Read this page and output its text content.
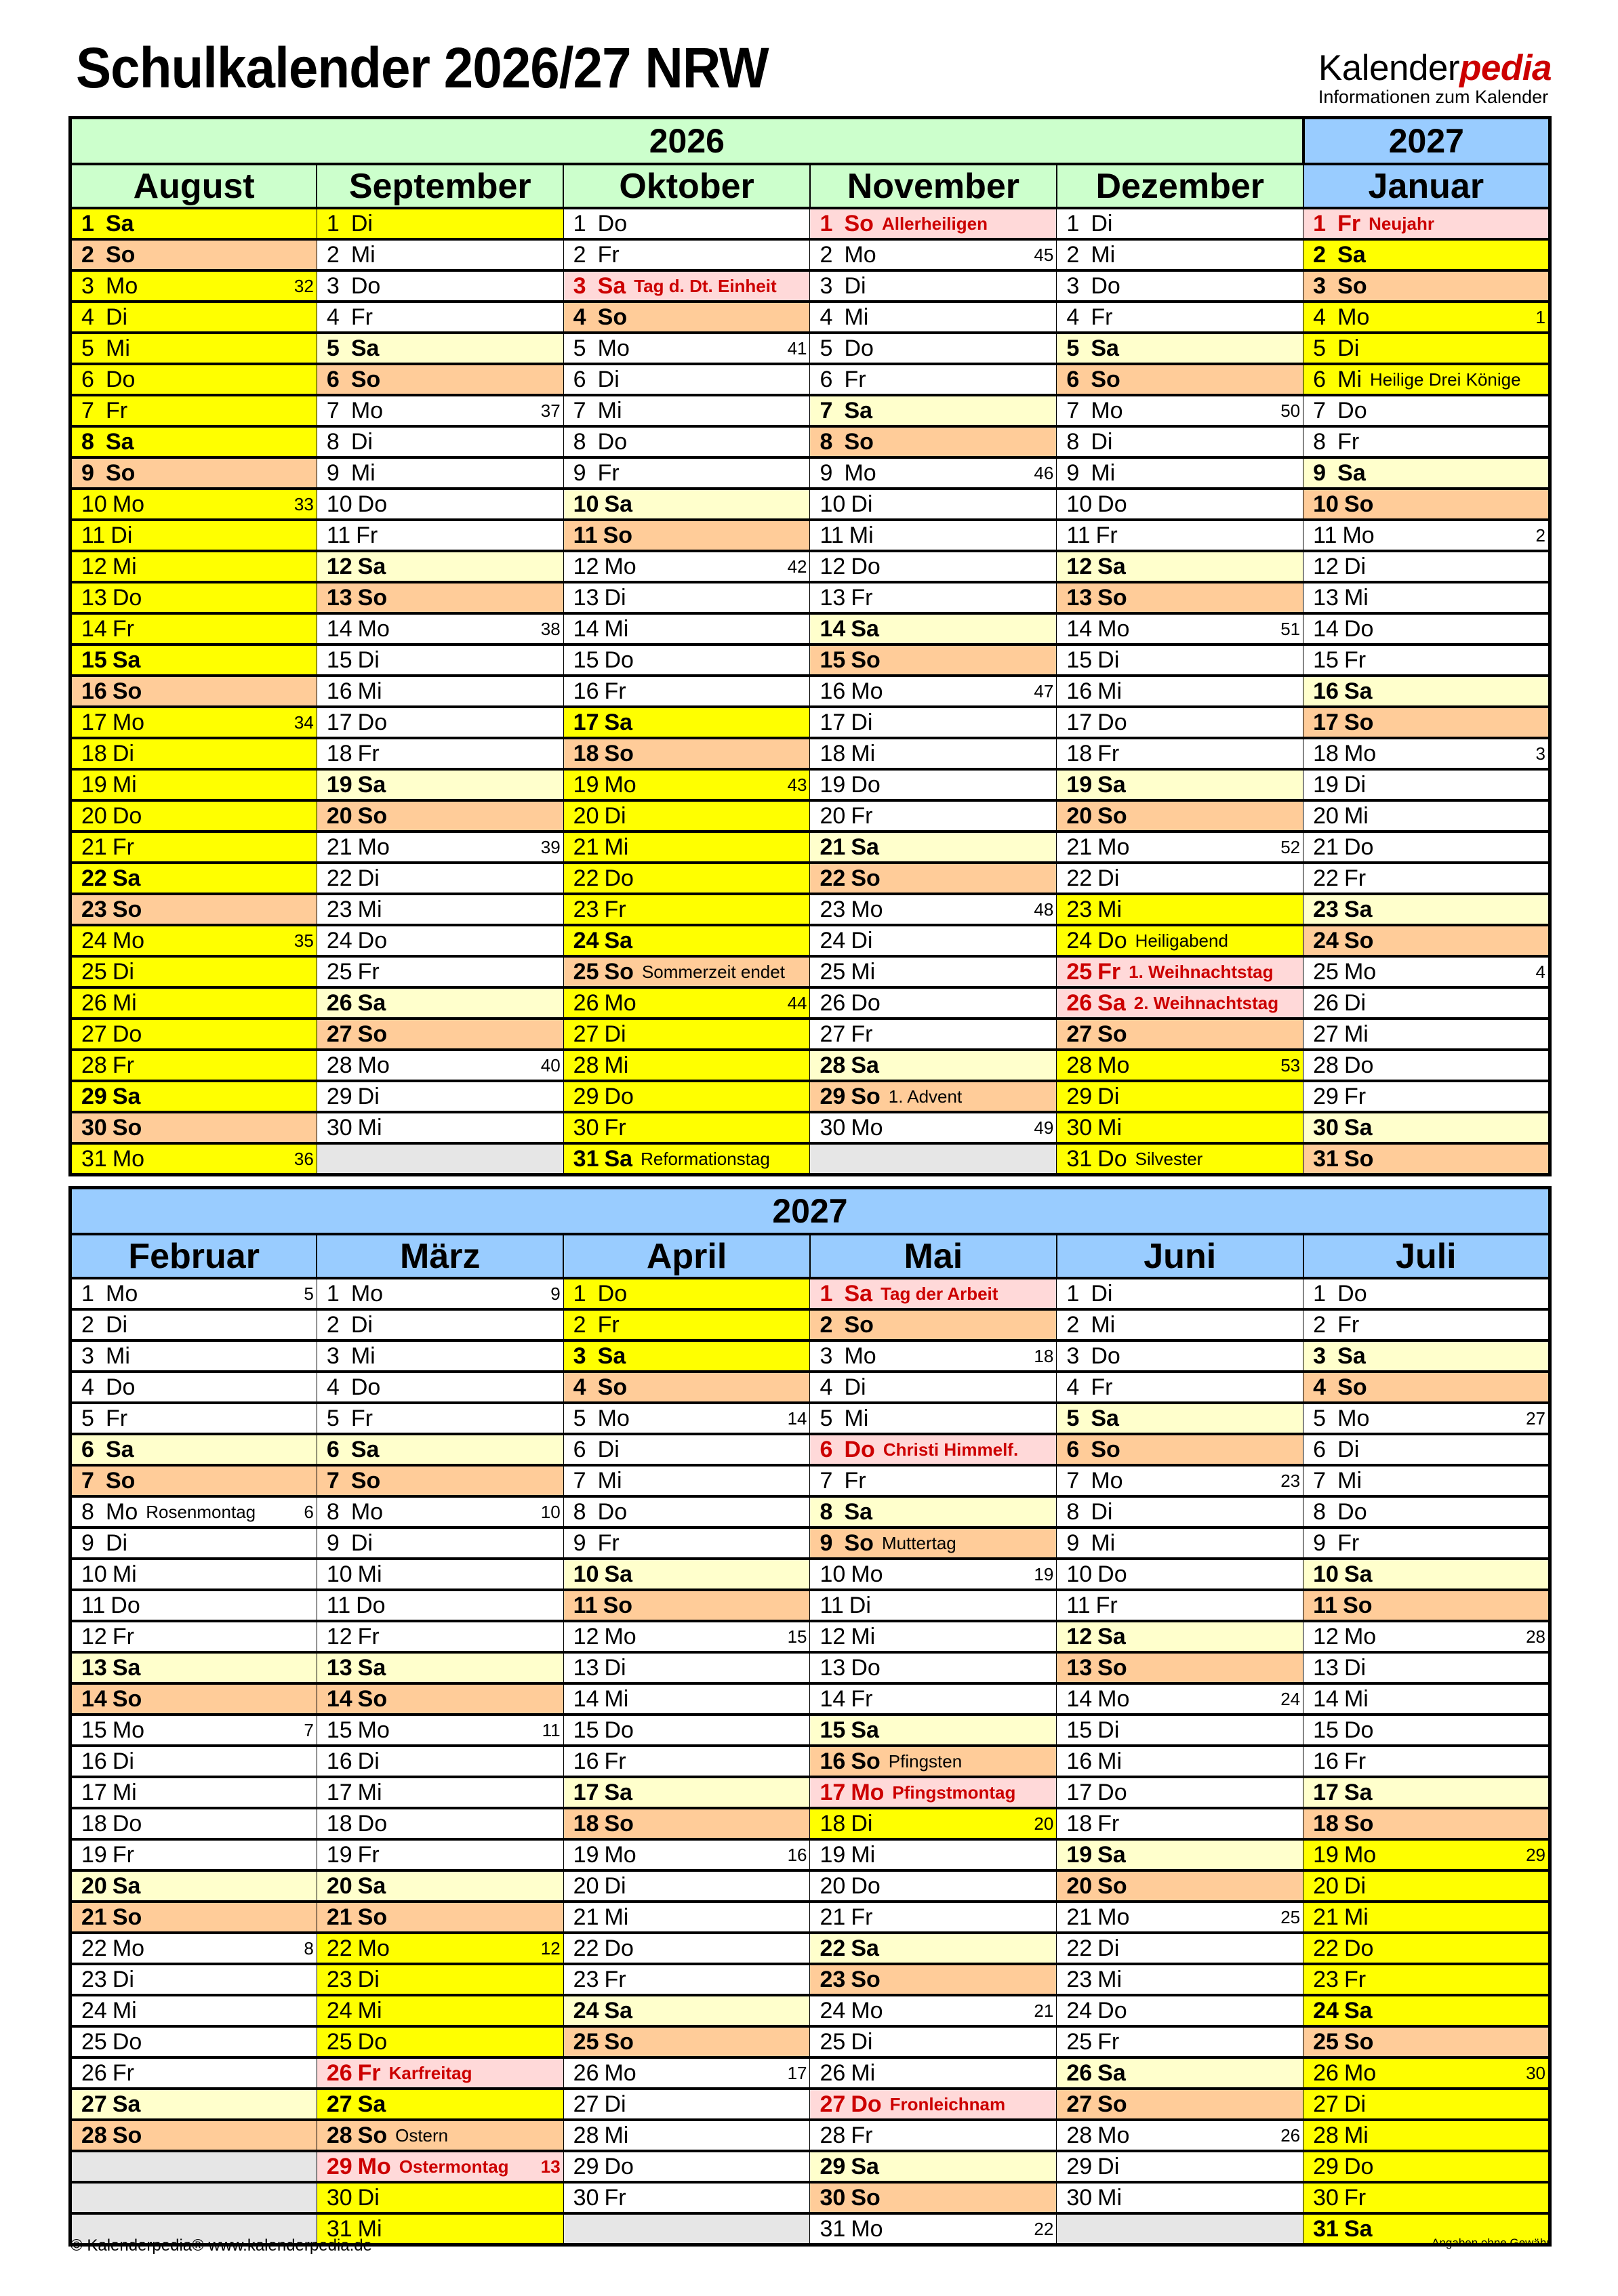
Schulkalender 2026/27 NRW	Kalenderpedia
Informationen zum Kalender
2026					2027
August	September	Oktober	November	Dezember	Januar

1 Sa	1 Di	1 Do	1 So $^{Allerheiligen}$	1 Di	1 Fr $^{Neujahr}$

2 So	2 Mi	2 Fr	2 Mo 45	2 Mi	2 Sa

3 Mo 32	3 Do	3 Sa $^{Tag d. Dt. Einheit}$	3 Di	3 Do	3 So

4 Di	4 Fr	4 So	4 Mi	4 Fr	4 Mo 1

5 Mi	5 Sa	5 Mo 41	5 Do	5 Sa	5 Di

6 Do	6 So	6 Di	6 Fr	6 So	6 Mi $^{Heilige Drei Könige}$

7 Fr	7 Mo 37	7 Mi	7 Sa	7 Mo 50	7 Do

8 Sa	8 Di	8 Do	8 So	8 Di	8 Fr

9 So	9 Mi	9 Fr	9 Mo 46	9 Mi	9 Sa

10 Mo 33	10 Do	10 Sa	10 Di	10 Do	10 So

11 Di	11 Fr	11 So	11 Mi	11 Fr	11 Mo 2

12 Mi	12 Sa	12 Mo 42	12 Do	12 Sa	12 Di

13 Do	13 So	13 Di	13 Fr	13 So	13 Mi

14 Fr	14 Mo 38	14 Mi	14 Sa	14 Mo 51	14 Do

15 Sa	15 Di	15 Do	15 So	15 Di	15 Fr

16 So	16 Mi	16 Fr	16 Mo 47	16 Mi	16 Sa

17 Mo 34	17 Do	17 Sa	17 Di	17 Do	17 So

18 Di	18 Fr	18 So	18 Mi	18 Fr	18 Mo 3

19 Mi	19 Sa	19 Mo 43	19 Do	19 Sa	19 Di

20 Do	20 So	20 Di	20 Fr	20 So	20 Mi

21 Fr	21 Mo 39	21 Mi	21 Sa	21 Mo 52	21 Do

22 Sa	22 Di	22 Do	22 So	22 Di	22 Fr

23 So	23 Mi	23 Fr	23 Mo 48	23 Mi	23 Sa

24 Mo 35	24 Do	24 Sa	24 Di	24 Do $^{Heiligabend}$	24 So

25 Di	25 Fr	25 So $^{Sommerzeit endet}$	25 Mi	25 Fr $^{1. Weihnachtstag}$	25 Mo 4

26 Mi	26 Sa	26 Mo 44	26 Do	26 Sa $^{2. Weihnachtstag}$	26 Di

27 Do	27 So	27 Di	27 Fr	27 So	27 Mi

28 Fr	28 Mo 40	28 Mi	28 Sa	28 Mo 53	28 Do

29 Sa	29 Di	29 Do	29 So $^{1. Advent}$	29 Di	29 Fr

30 So	30 Mi	30 Fr	30 Mo 49	30 Mi	30 Sa

31 Mo 36		31 Sa $^{Reformationstag}$		31 Do $^{Silvester}$	31 So
2027					
Februar	März	April	Mai	Juni	Juli

1 Mo 5	1 Mo 9	1 Do	1 Sa $^{Tag der Arbeit}$	1 Di	1 Do

2 Di	2 Di	2 Fr	2 So	2 Mi	2 Fr

3 Mi	3 Mi	3 Sa	3 Mo 18	3 Do	3 Sa

4 Do	4 Do	4 So	4 Di	4 Fr	4 So

5 Fr	5 Fr	5 Mo 14	5 Mi	5 Sa	5 Mo 27

6 Sa	6 Sa	6 Di	6 Do $^{Christi Himmelf.}$	6 So	6 Di

7 So	7 So	7 Mi	7 Fr	7 Mo 23	7 Mi

8 Mo $^{Rosenmontag}$ 6	8 Mo 10	8 Do	8 Sa	8 Di	8 Do

9 Di	9 Di	9 Fr	9 So $^{Muttertag}$	9 Mi	9 Fr

10 Mi	10 Mi	10 Sa	10 Mo 19	10 Do	10 Sa

11 Do	11 Do	11 So	11 Di	11 Fr	11 So

12 Fr	12 Fr	12 Mo 15	12 Mi	12 Sa	12 Mo 28

13 Sa	13 Sa	13 Di	13 Do	13 So	13 Di

14 So	14 So	14 Mi	14 Fr	14 Mo 24	14 Mi

15 Mo 7	15 Mo 11	15 Do	15 Sa	15 Di	15 Do

16 Di	16 Di	16 Fr	16 So $^{Pfingsten}$	16 Mi	16 Fr

17 Mi	17 Mi	17 Sa	17 Mo $^{Pfingstmontag}$	17 Do	17 Sa

18 Do	18 Do	18 So	18 Di 20	18 Fr	18 So

19 Fr	19 Fr	19 Mo 16	19 Mi	19 Sa	19 Mo 29

20 Sa	20 Sa	20 Di	20 Do	20 So	20 Di

21 So	21 So	21 Mi	21 Fr	21 Mo 25	21 Mi

22 Mo 8	22 Mo 12	22 Do	22 Sa	22 Di	22 Do

23 Di	23 Di	23 Fr	23 So	23 Mi	23 Fr

24 Mi	24 Mi	24 Sa	24 Mo 21	24 Do	24 Sa

25 Do	25 Do	25 So	25 Di	25 Fr	25 So

26 Fr	26 Fr $^{Karfreitag}$	26 Mo 17	26 Mi	26 Sa	26 Mo 30

27 Sa	27 Sa	27 Di	27 Do $^{Fronleichnam}$	27 So	27 Di

28 So	28 So $^{Ostern}$	28 Mi	28 Fr	28 Mo 26	28 Mi

	29 Mo $^{Ostermontag}$ 13	29 Do	29 Sa	29 Di	29 Do

	30 Di	30 Fr	30 So	30 Mi	30 Fr

	31 Mi		31 Mo 22		31 Sa
© Kalenderpedia® www.kalenderpedia.de	Angaben ohne Gewähr
